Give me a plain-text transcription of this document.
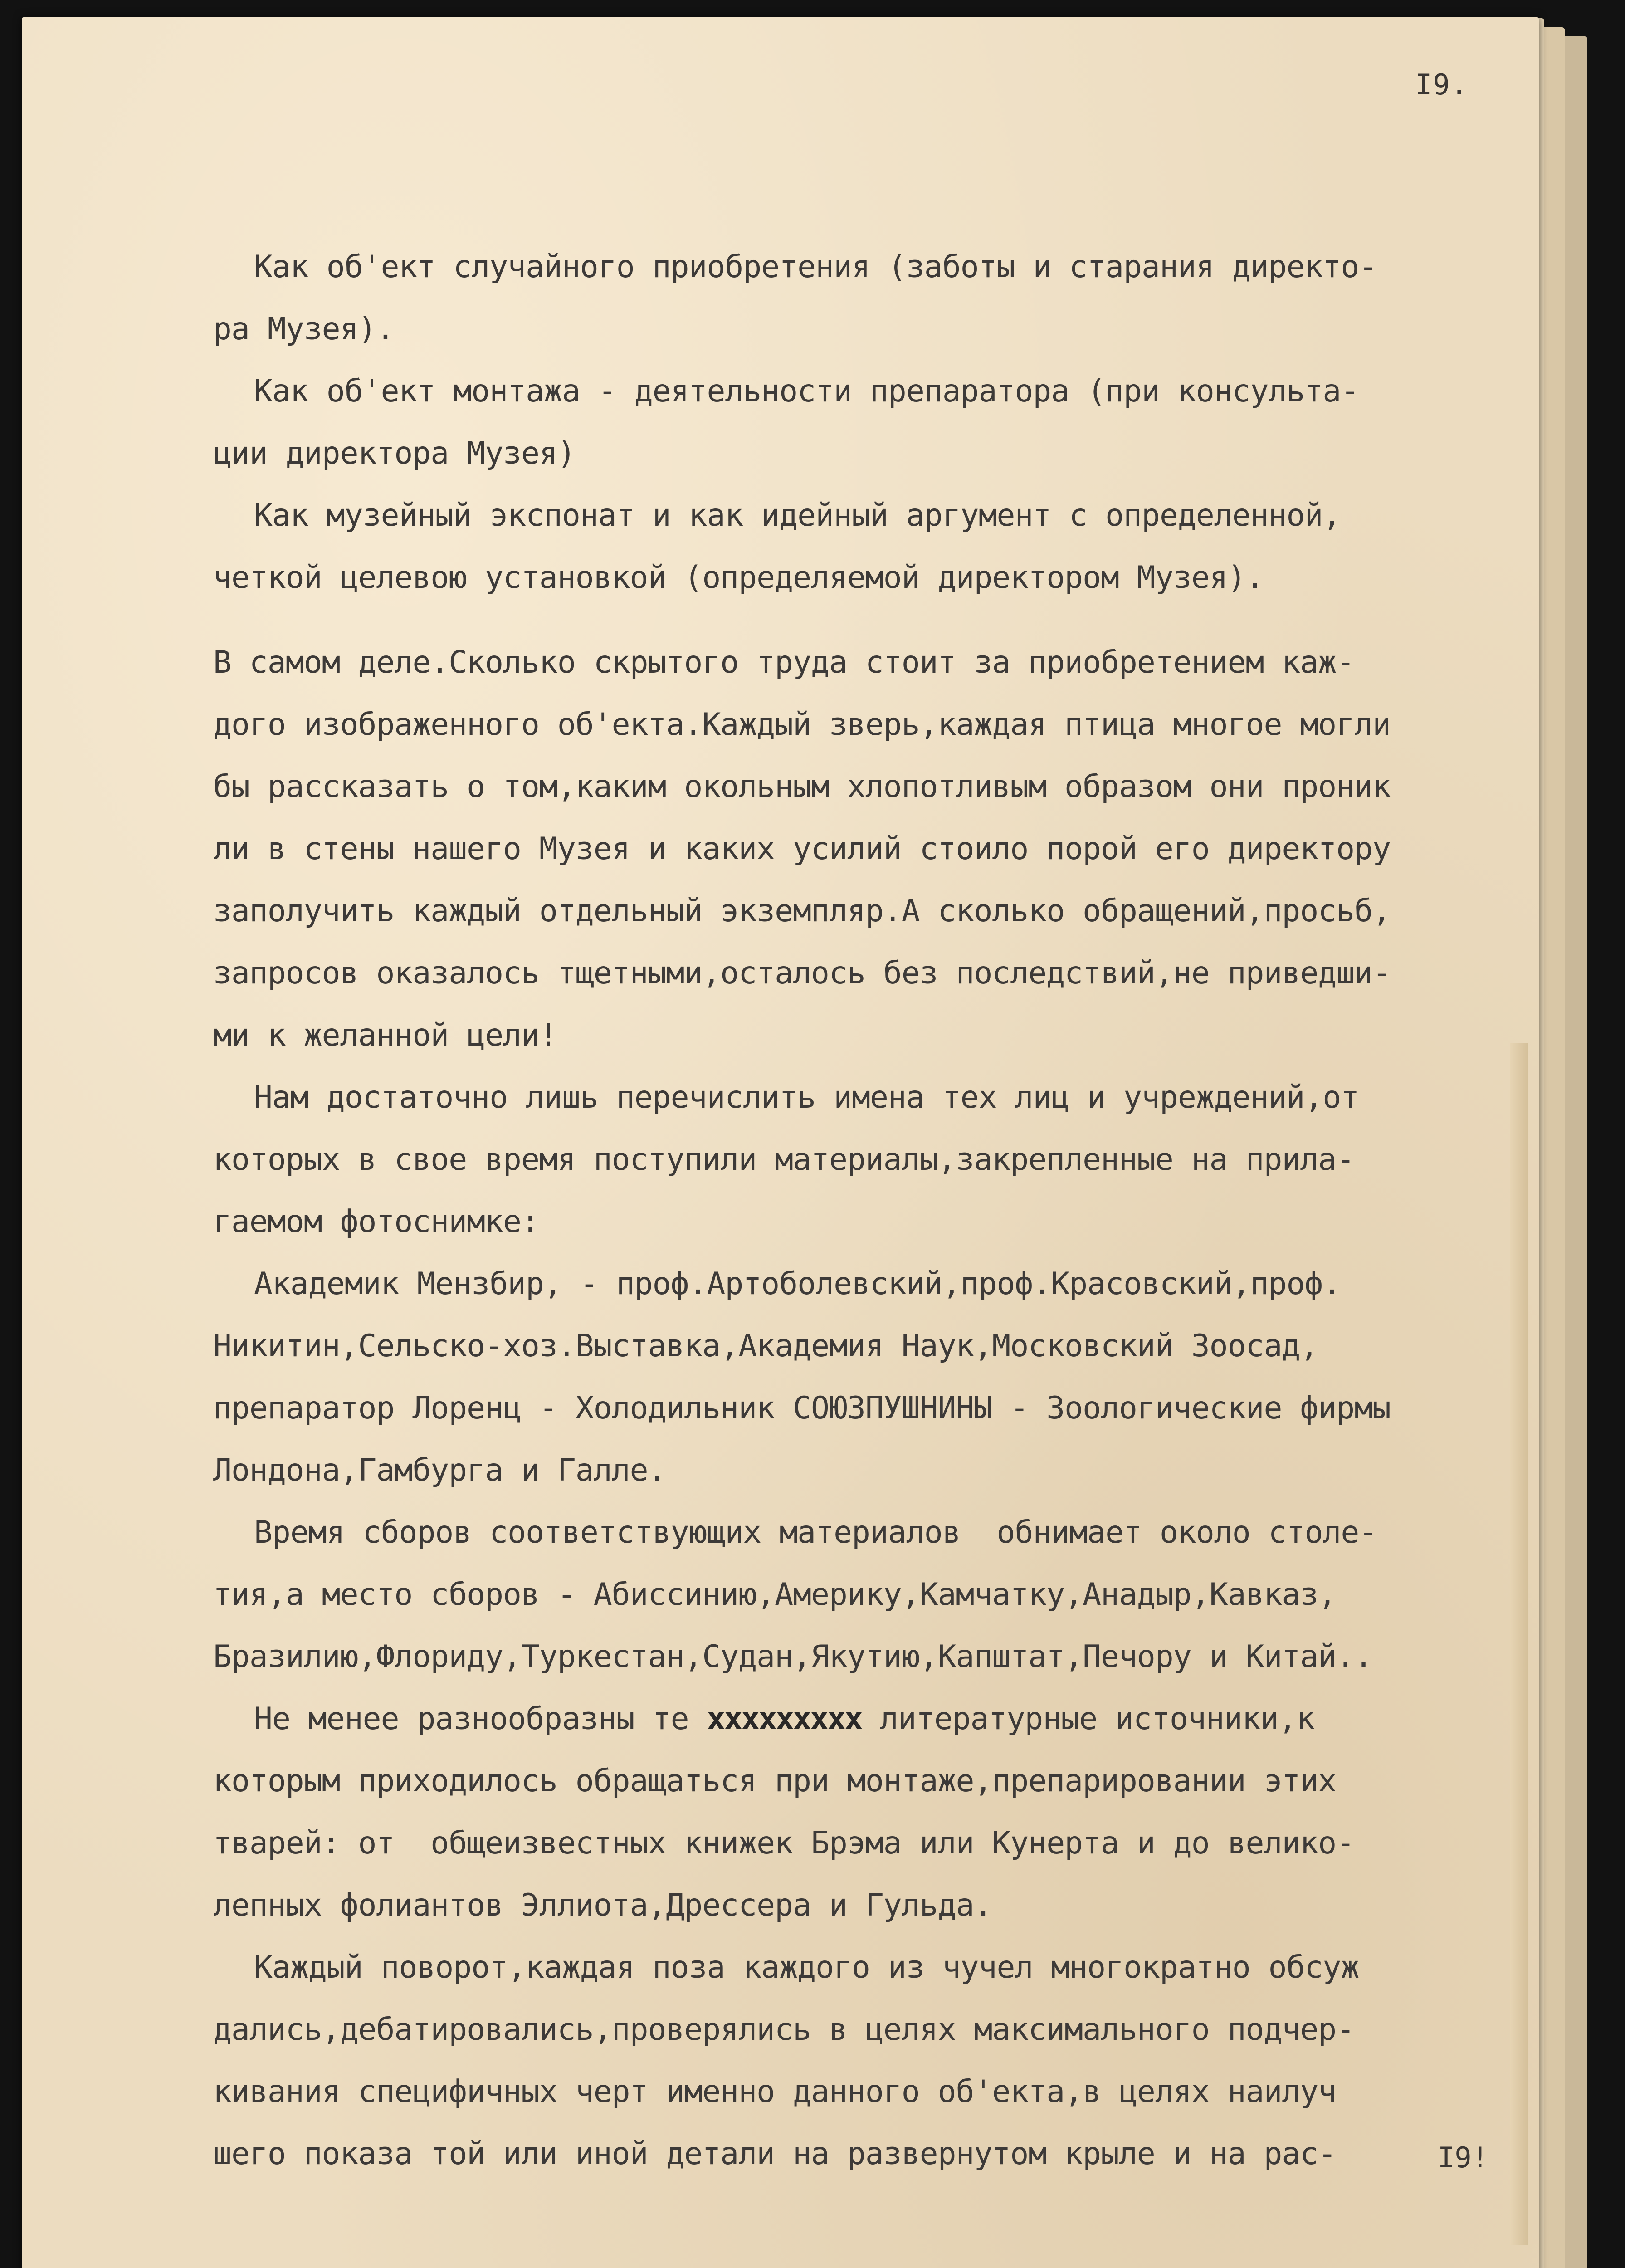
I9.
Как об'ект случайного приобретения (заботы и старания директо-
ра Музея).
Как об'ект монтажа - деятельности препаратора (при консульта-
ции директора Музея)
Как музейный экспонат и как идейный аргумент с определенной,
четкой целевою установкой (определяемой директором Музея).
В самом деле.Сколько скрытого труда стоит за приобретением каж-
дого изображенного об'екта.Каждый зверь,каждая птица многое могли
бы рассказать о том,каким окольным хлопотливым образом они проник
ли в стены нашего Музея и каких усилий стоило порой его директору
заполучить каждый отдельный экземпляр.А сколько обращений,просьб,
запросов оказалось тщетными,осталось без последствий,не приведши-
ми к желанной цели!
Нам достаточно лишь перечислить имена тех лиц и учреждений,от
которых в свое время поступили материалы,закрепленные на прила-
гаемом фотоснимке:
Академик Мензбир, - проф.Артоболевский,проф.Красовский,проф.
Никитин,Сельско-хоз.Выставка,Академия Наук,Московский Зоосад,
препаратор Лоренц - Холодильник СОЮЗПУШНИНЫ - Зоологические фирмы
Лондона,Гамбурга и Галле.
Время сборов соответствующих материалов  обнимает около столе-
тия,а место сборов - Абиссинию,Америку,Камчатку,Анадыр,Кавказ,
Бразилию,Флориду,Туркестан,Судан,Якутию,Капштат,Печору и Китай..
Не менее разнообразны те ххххххххх литературные источники,к
которым приходилось обращаться при монтаже,препарировании этих
тварей: от  общеизвестных книжек Брэма или Кунерта и до велико-
лепных фолиантов Эллиота,Дрессера и Гульда.
Каждый поворот,каждая поза каждого из чучел многократно обсуж
дались,дебатировались,проверялись в целях максимального подчер-
кивания специфичных черт именно данного об'екта,в целях наилуч
шего показа той или иной детали на развернутом крыле и на рас-	I9!
